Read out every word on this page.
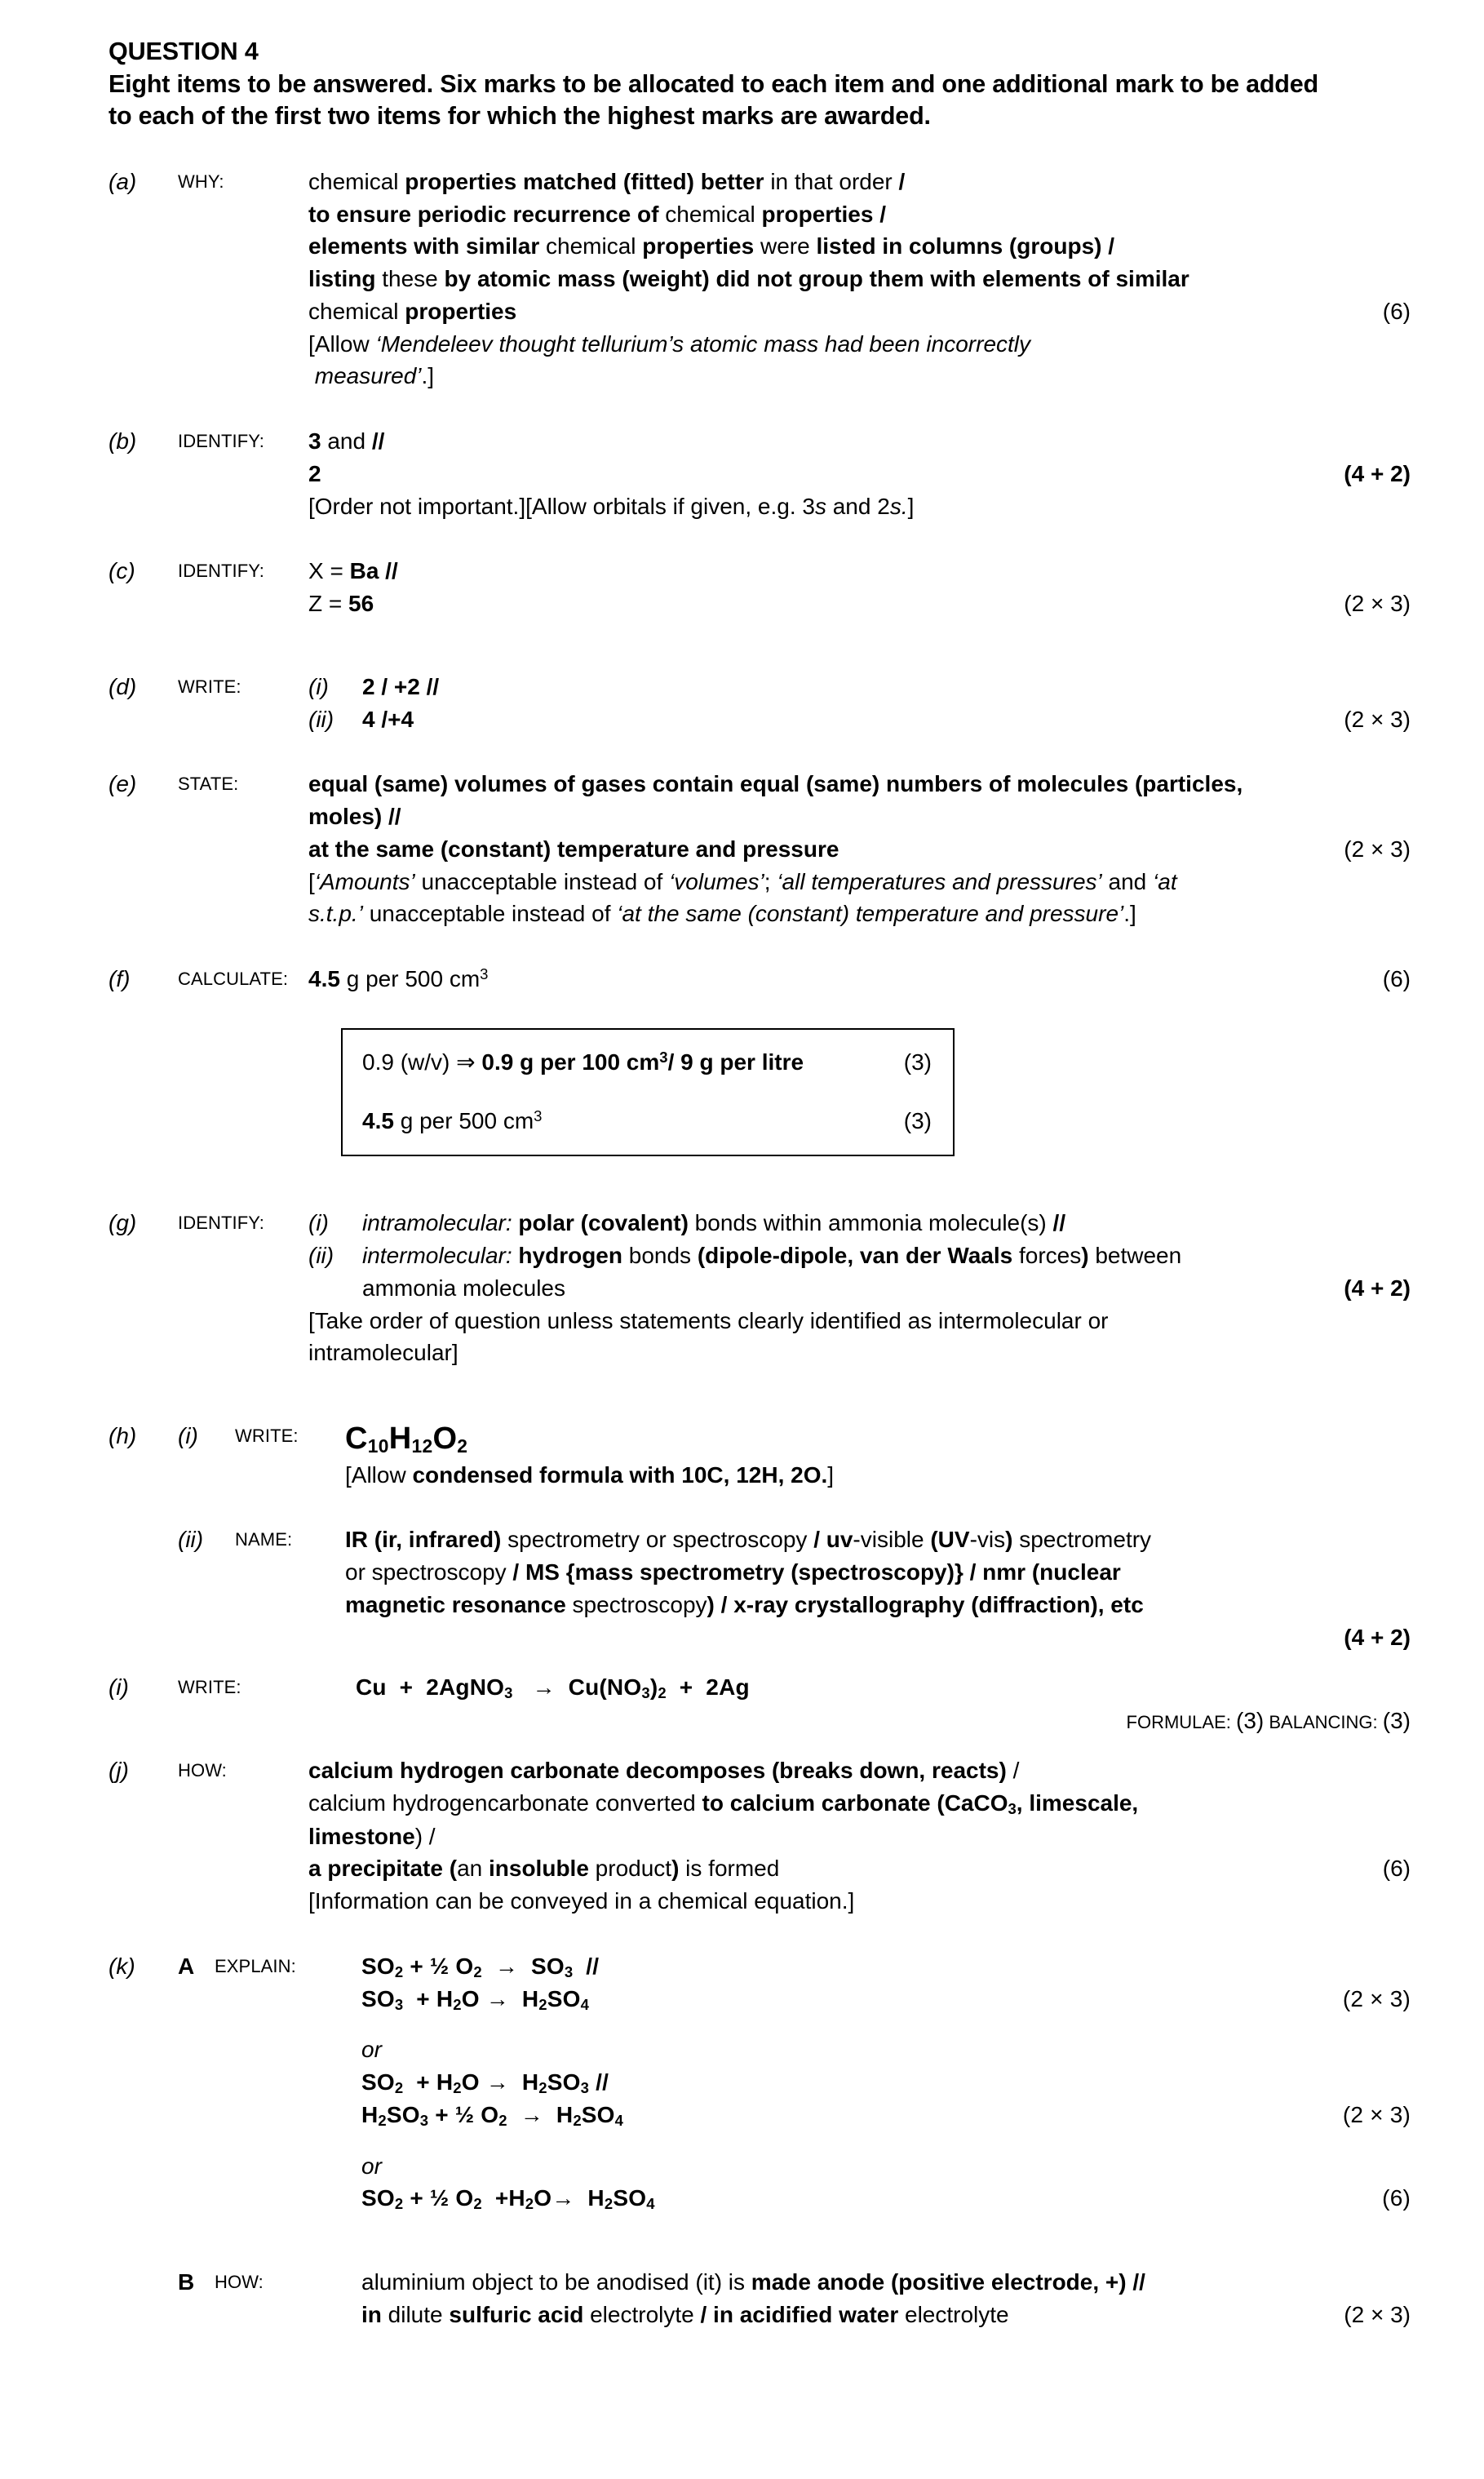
QUESTION 4
Eight items to be answered. Six marks to be allocated to each item and one additional mark to be added
to each of the first two items for which the highest marks are awarded.
(a)	WHY:	chemical properties matched (fitted) better in that order /
to ensure periodic recurrence of chemical properties /
elements with similar chemical properties were listed in columns (groups) /
listing these by atomic mass (weight) did not group them with elements of similar
chemical properties	(6)
[Allow ‘Mendeleev thought tellurium’s atomic mass had been incorrectly
measured’.]
(b)	IDENTIFY:	3 and //
2	(4 + 2)
[Order not important.][Allow orbitals if given, e.g. 3s and 2s.]
(c)	IDENTIFY:	X = Ba //
Z = 56	(2 × 3)
(d)	WRITE:	(i)	2 / +2 //
(ii)	4 /+4	(2 × 3)
(e)	STATE:	equal (same) volumes of gases contain equal (same) numbers of molecules (particles,
moles) //
at the same (constant) temperature and pressure	(2 × 3)
[‘Amounts’ unacceptable instead of ‘volumes’; ‘all temperatures and pressures’ and ‘at
s.t.p.’ unacceptable instead of ‘at the same (constant) temperature and pressure’.]
(f)	CALCULATE: 4.5 g per 500 $cm^3$	(6)
0.9 (w/v) ⇒ 0.9 g per 100 $cm^3/$ 9 g per litre	(3)
4.5 g per 500 $cm^3$	(3)
(g)	IDENTIFY:	(i)	intramolecular: polar (covalent) bonds within ammonia molecule(s) //
(ii)	intermolecular: hydrogen bonds (dipole-dipole, van der Waals forces) between
ammonia molecules	(4 + 2)
[Take order of question unless statements clearly identified as intermolecular or
intramolecular]
(h)	(i)	WRITE:	$C_{10}H_{12}O_2$
[Allow condensed formula with 10C, 12H, 2O.]
(ii)	NAME:	IR (ir, infrared) spectrometry or spectroscopy / uv-visible (UV-vis) spectrometry
or spectroscopy / MS {mass spectrometry (spectroscopy)} / nmr (nuclear
magnetic resonance spectroscopy) / x-ray crystallography (diffraction), etc

(4 + 2)
(i)	WRITE:	Cu  +  2AgNO$_3$   →  $Cu(NO_3)_2 + 2Ag$
FORMULAE: (3) BALANCING: (3)
(j)	HOW:	calcium hydrogen carbonate decomposes (breaks down, reacts) /
calcium hydrogencarbonate converted to calcium carbonate (CaCO$_3$, limescale,
limestone) /
a precipitate (an insoluble product) is formed	(6)
[Information can be conveyed in a chemical equation.]
(k)	A	EXPLAIN:	$SO_2$ + ½ $O_2 \to SO_3$  //
$SO_3 + H_2O \to H_2SO_4$	(2 × 3)
or
$SO_2 + H_2O \to H_2SO_3$ //
$H_2SO_3$ + ½ $O_2 \to H_2SO_4$	(2 × 3)
or
$SO_2$ + ½ $O_2 +H_2O\to H_2SO_4$	(6)
B	HOW:	aluminium object to be anodised (it) is made anode (positive electrode, +) //
in dilute sulfuric acid electrolyte / in acidified water electrolyte	(2 × 3)
